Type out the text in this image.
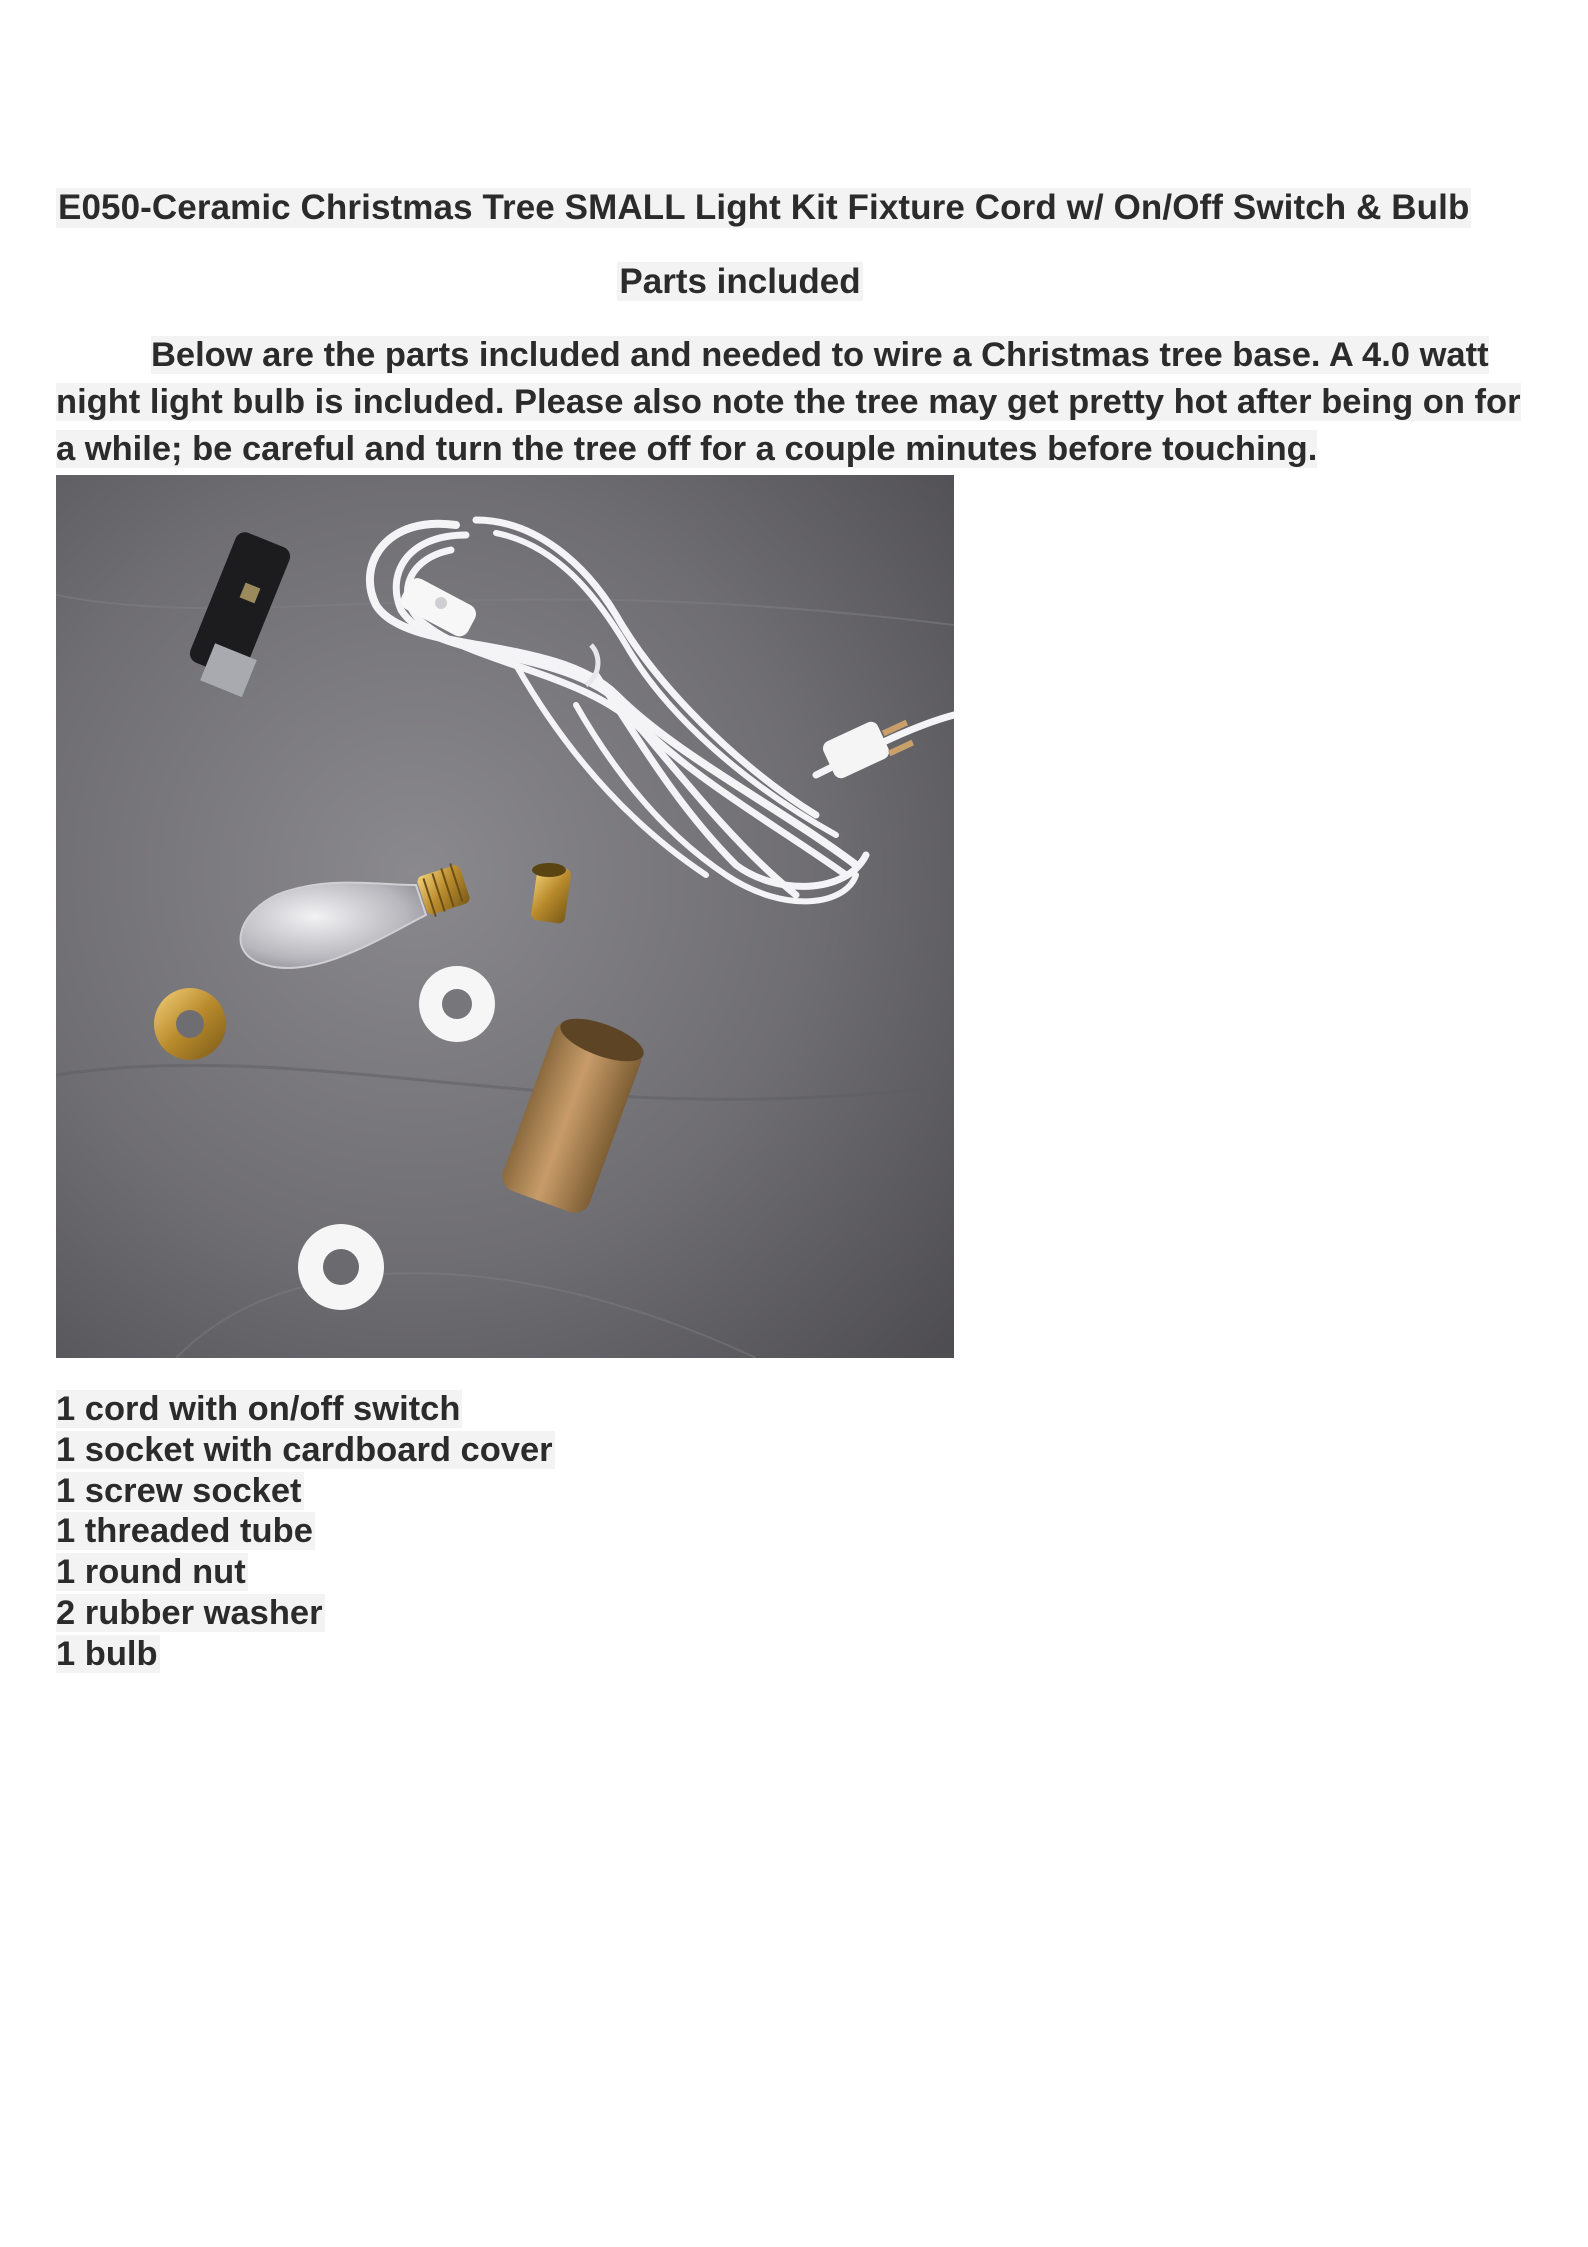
E050-Ceramic Christmas Tree SMALL Light Kit Fixture Cord w/ On/Off Switch & Bulb
Parts included
Below are the parts included and needed to wire a Christmas tree base. A 4.0 watt night light bulb is included. Please also note the tree may get pretty hot after being on for a while; be careful and turn the tree off for a couple minutes before touching.
1 cord with on/off switch
1 socket with cardboard cover
1 screw socket
1 threaded tube
1 round nut
2 rubber washer
1 bulb
